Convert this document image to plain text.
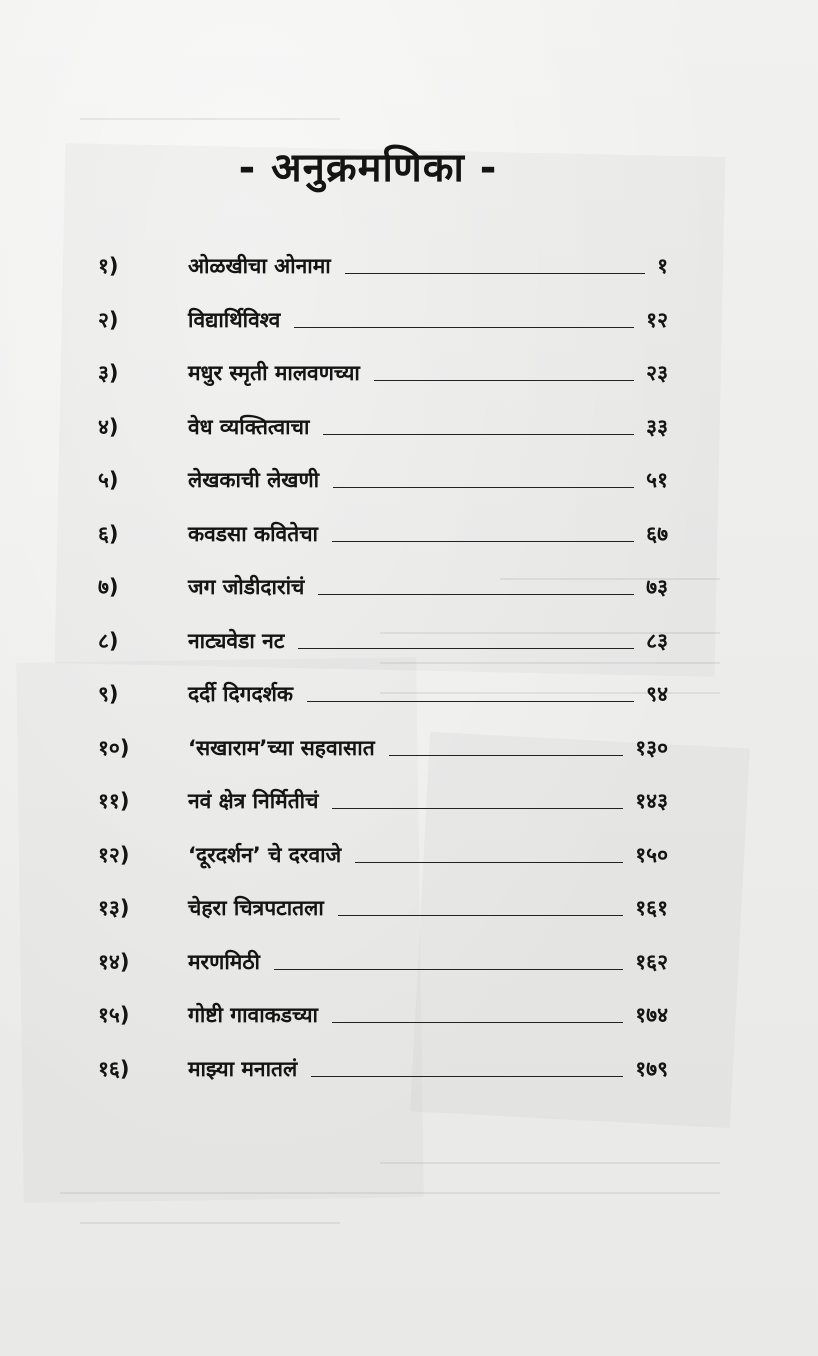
- अनुक्रमणिका -
१)	ओळखीचा ओनामा	१
२)	विद्यार्थिविश्व	१२
३)	मधुर स्मृती मालवणच्या	२३
४)	वेध व्यक्तित्वाचा	३३
५)	लेखकाची लेखणी	५१
६)	कवडसा कवितेचा	६७
७)	जग जोडीदारांचं	७३
८)	नाट्यवेडा नट	८३
९)	दर्दी दिगदर्शक	९४
१०)	‘सखाराम’च्या सहवासात	१३०
११)	नवं क्षेत्र निर्मितीचं	१४३
१२)	‘दूरदर्शन’ चे दरवाजे	१५०
१३)	चेहरा चित्रपटातला	१६१
१४)	मरणमिठी	१६२
१५)	गोष्टी गावाकडच्या	१७४
१६)	माझ्या मनातलं	१७९
